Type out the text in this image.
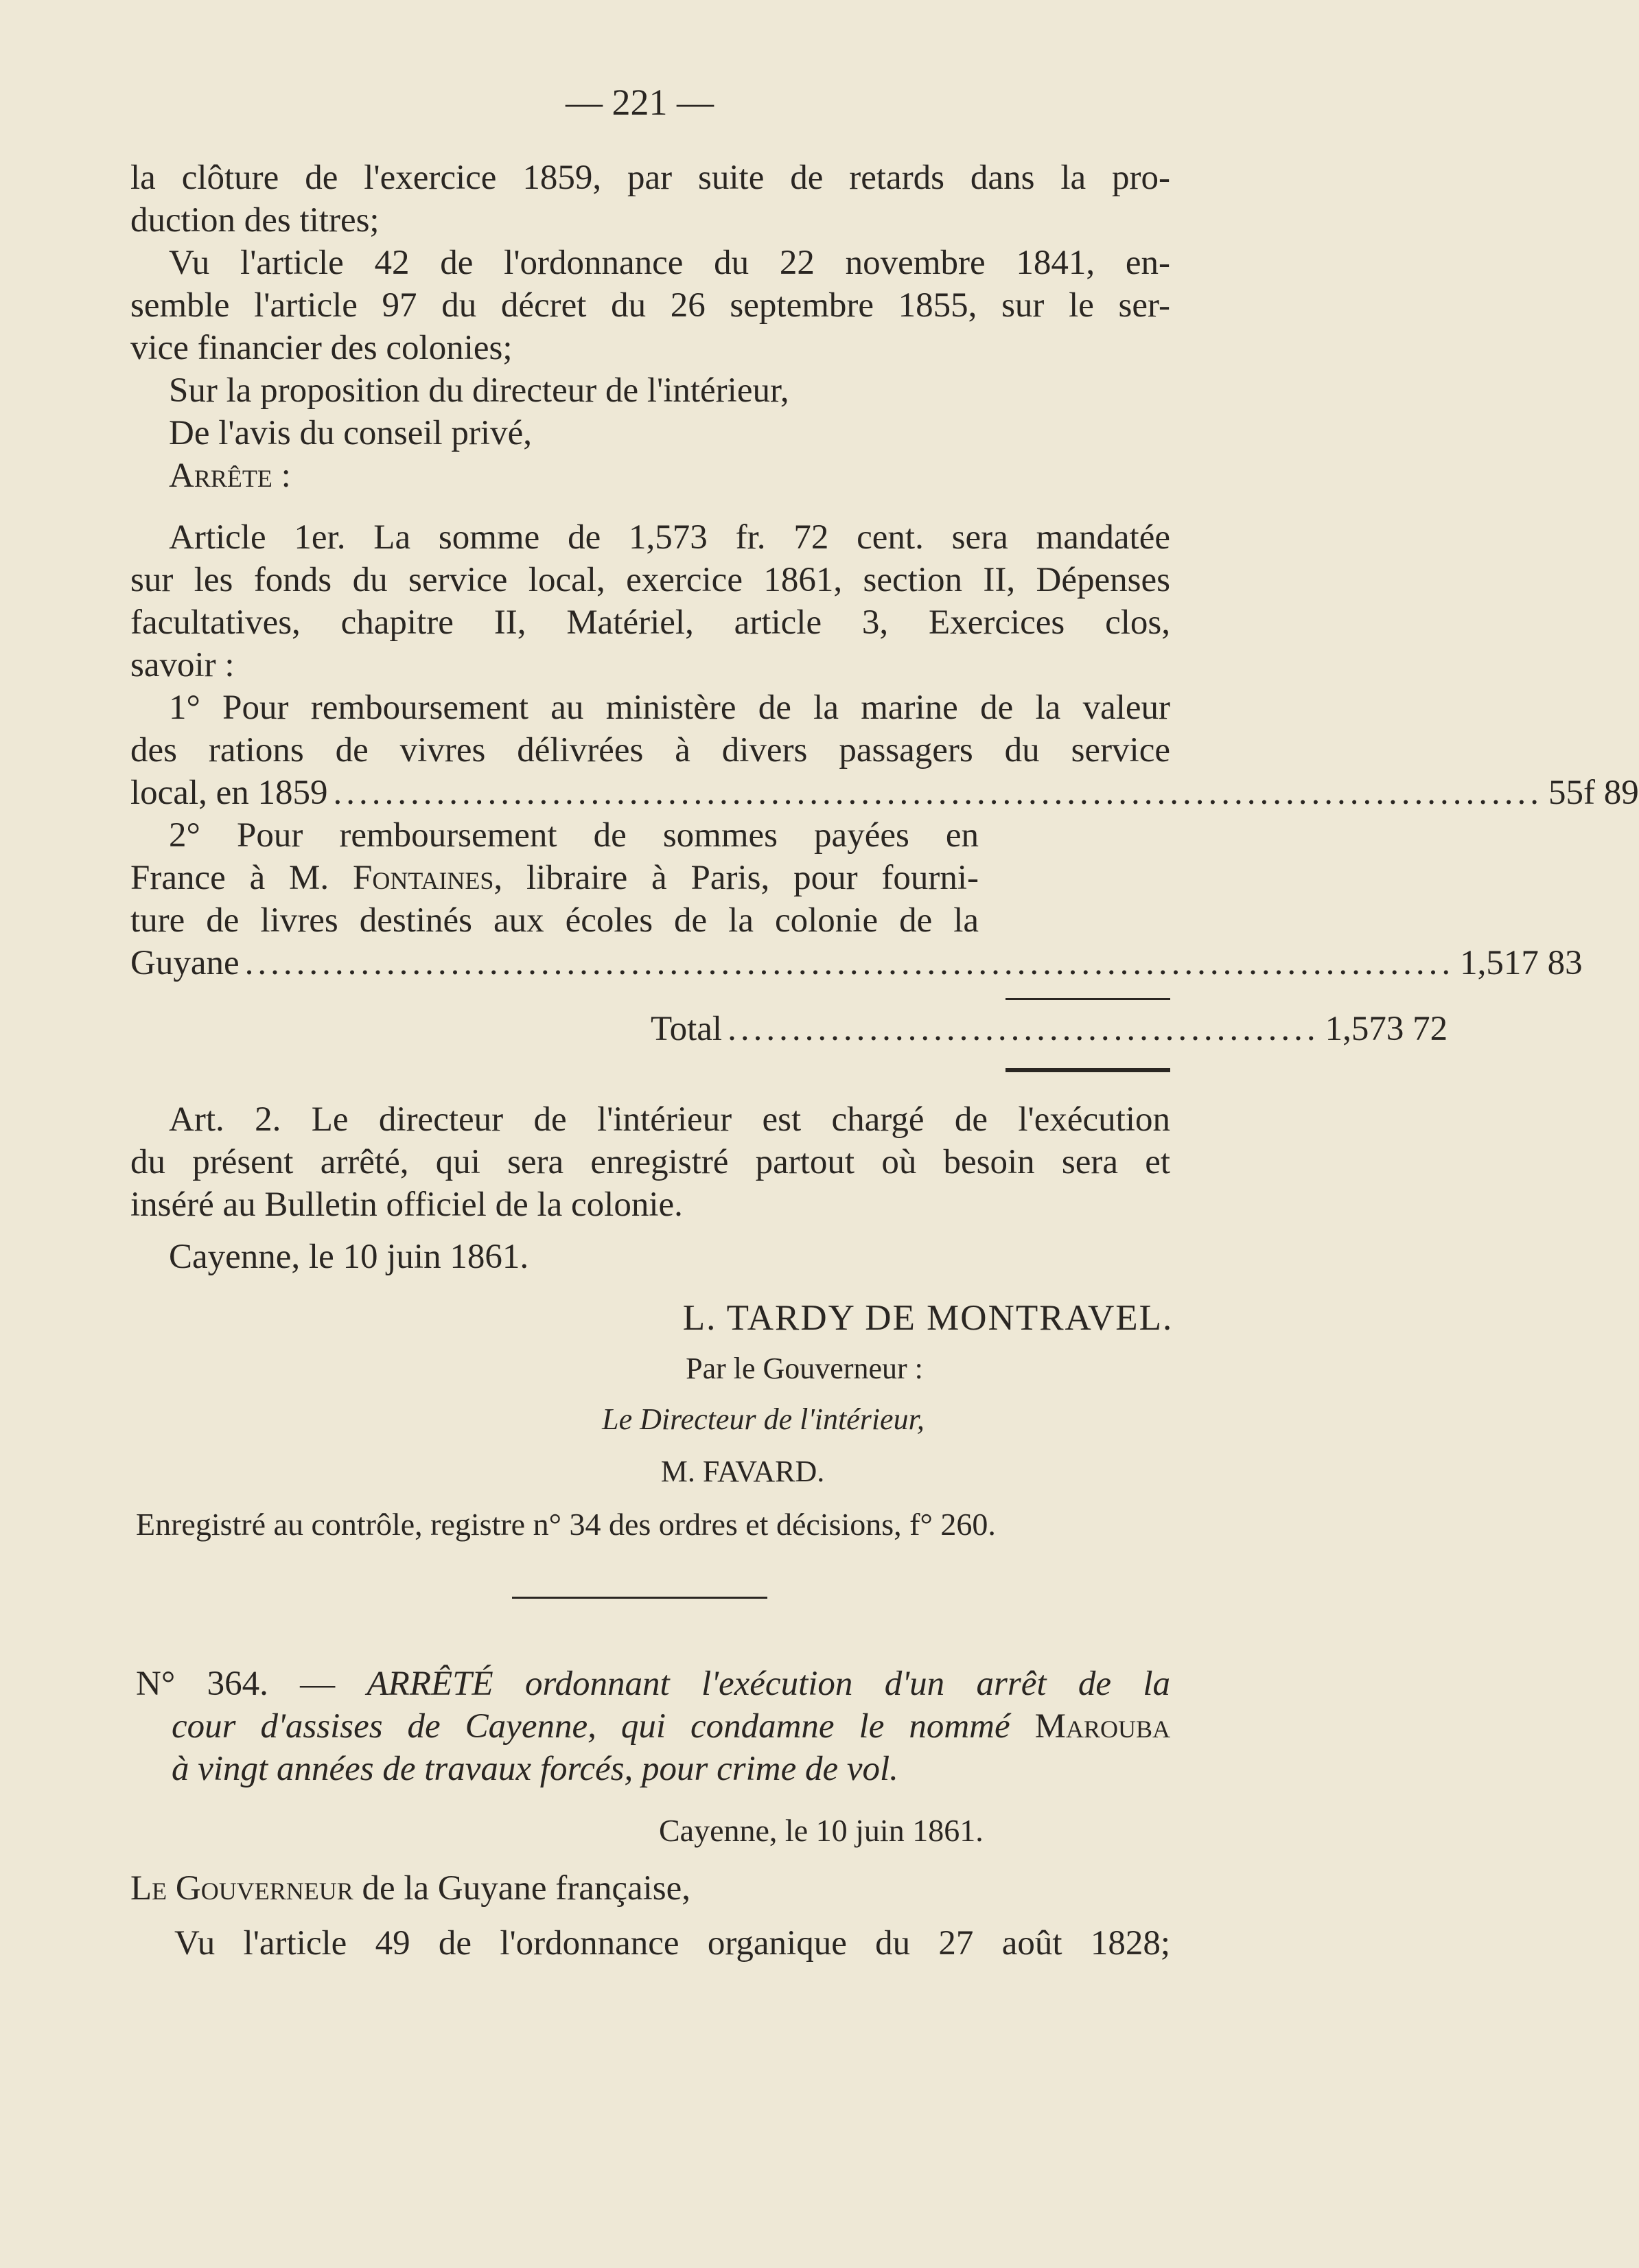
— 221 —
la clôture de l'exercice 1859, par suite de retards dans la pro-
duction des titres;
Vu l'article 42 de l'ordonnance du 22 novembre 1841, en-
semble l'article 97 du décret du 26 septembre 1855, sur le ser-
vice financier des colonies;
Sur la proposition du directeur de l'intérieur,
De l'avis du conseil privé,
Arrête :
Article 1er. La somme de 1,573 fr. 72 cent. sera mandatée
sur les fonds du service local, exercice 1861, section II, Dépenses
facultatives, chapitre II, Matériel, article 3, Exercices clos,
savoir :
1° Pour remboursement au ministère de la marine de la valeur
des rations de vivres délivrées à divers passagers du service
local, en 1859 .............................................................................................. 55f 89
2° Pour remboursement de sommes payées en
France à M. Fontaines, libraire à Paris, pour fourni-
ture de livres destinés aux écoles de la colonie de la
Guyane .............................................................................................. 1,517 83
Total .............................................. 1,573 72
Art. 2. Le directeur de l'intérieur est chargé de l'exécution
du présent arrêté, qui sera enregistré partout où besoin sera et
inséré au Bulletin officiel de la colonie.
Cayenne, le 10 juin 1861.
L. TARDY DE MONTRAVEL.
Par le Gouverneur :
Le Directeur de l'intérieur,
M. FAVARD.
Enregistré au contrôle, registre n° 34 des ordres et décisions, f° 260.
N° 364. — ARRÊTÉ ordonnant l'exécution d'un arrêt de la
cour d'assises de Cayenne, qui condamne le nommé Marouba
à vingt années de travaux forcés, pour crime de vol.
Cayenne, le 10 juin 1861.
Le Gouverneur de la Guyane française,
Vu l'article 49 de l'ordonnance organique du 27 août 1828;
